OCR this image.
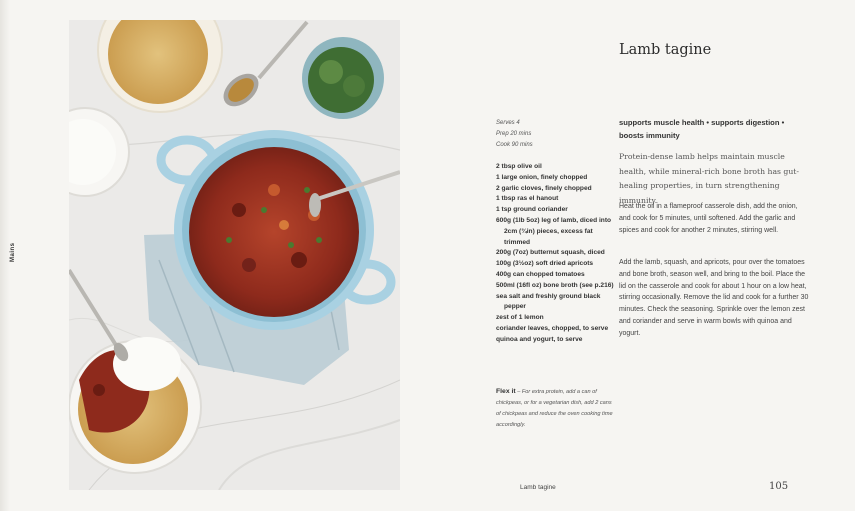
Mains
Lamb tagine
Serves 4
Prep 20 mins
Cook 90 mins
2 tbsp olive oil
1 large onion, finely chopped
2 garlic cloves, finely chopped
1 tbsp ras el hanout
1 tsp ground coriander
600g (1lb 5oz) leg of lamb, diced into 2cm (¾in) pieces, excess fat trimmed
200g (7oz) butternut squash, diced
100g (3½oz) soft dried apricots
400g can chopped tomatoes
500ml (16fl oz) bone broth (see p.216)
sea salt and freshly ground black pepper
zest of 1 lemon
coriander leaves, chopped, to serve
quinoa and yogurt, to serve
Flex it – For extra protein, add a can of chickpeas, or for a vegetarian dish, add 2 cans of chickpeas and reduce the oven cooking time accordingly.
supports muscle health • supports digestion • boosts immunity
Protein-dense lamb helps maintain muscle health, while mineral-rich bone broth has gut-healing properties, in turn strengthening immunity.

Heat the oil in a flameproof casserole dish, add the onion, and cook for 5 minutes, until softened. Add the garlic and spices and cook for another 2 minutes, stirring well.

Add the lamb, squash, and apricots, pour over the tomatoes and bone broth, season well, and bring to the boil. Place the lid on the casserole and cook for about 1 hour on a low heat, stirring occasionally. Remove the lid and cook for a further 30 minutes. Check the seasoning. Sprinkle over the lemon zest and coriander and serve in warm bowls with quinoa and yogurt.

Lamb tagine	105
